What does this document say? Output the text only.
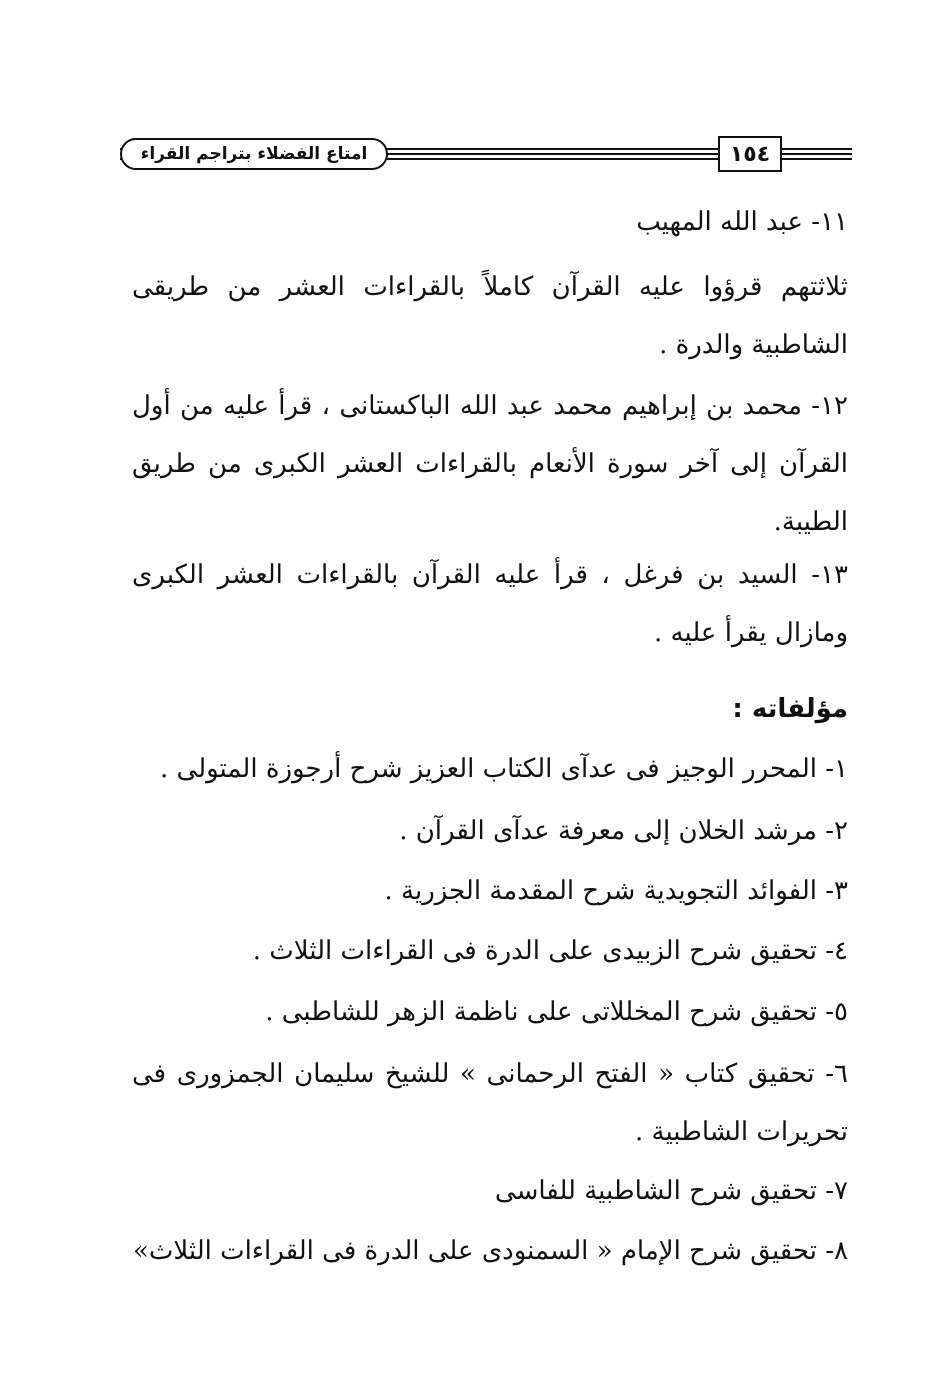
امتاع الفضلاء بتراجم القراء	١٥٤

١١- عبد الله المهيب

ثلاثتهم قرؤوا عليه القرآن كاملاً بالقراءات العشر من طريقى الشاطبية والدرة .

١٢- محمد بن إبراهيم محمد عبد الله الباكستانى ، قرأ عليه من أول القرآن إلى آخر سورة الأنعام بالقراءات العشر الكبرى من طريق الطيبة.

١٣- السيد بن فرغل ، قرأ عليه القرآن بالقراءات العشر الكبرى ومازال يقرأ عليه .

مؤلفاته :

١- المحرر الوجيز فى عدآى الكتاب العزيز شرح أرجوزة المتولى .

٢- مرشد الخلان إلى معرفة عدآى القرآن .

٣- الفوائد التجويدية شرح المقدمة الجزرية .

٤- تحقيق شرح الزبيدى على الدرة فى القراءات الثلاث .

٥- تحقيق شرح المخللاتى على ناظمة الزهر للشاطبى .

٦- تحقيق كتاب « الفتح الرحمانى » للشيخ سليمان الجمزورى فى تحريرات الشاطبية .

٧- تحقيق شرح الشاطبية للفاسى

٨- تحقيق شرح الإمام « السمنودى على الدرة فى القراءات الثلاث»
